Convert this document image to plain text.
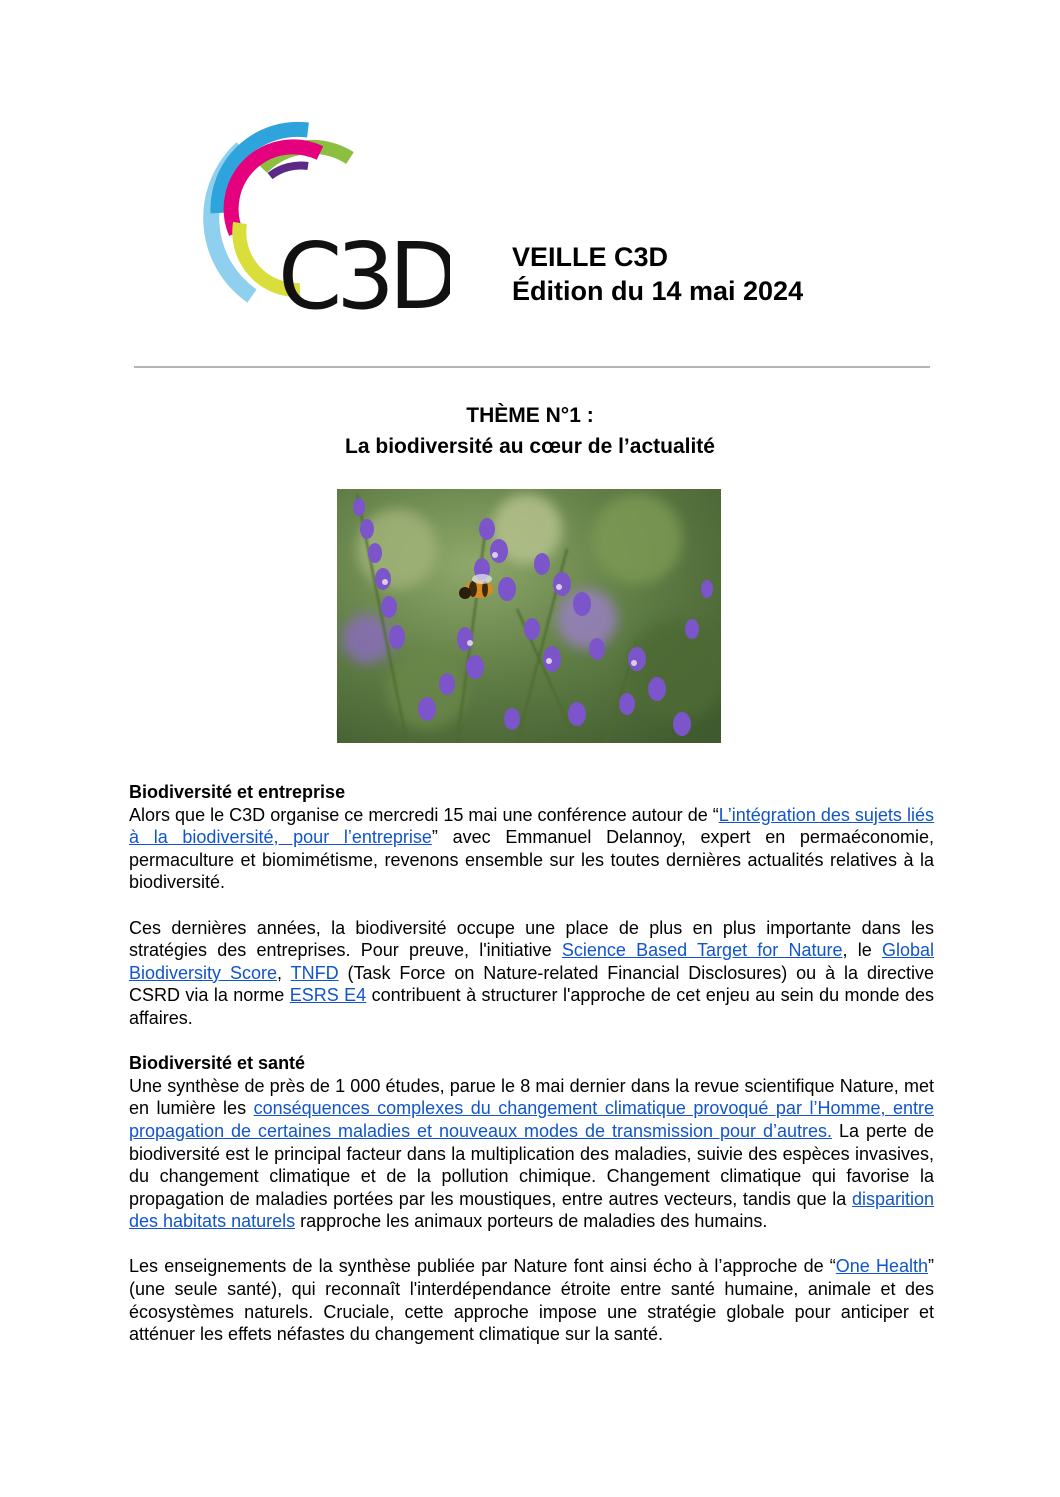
C3D VEILLE C3D
Édition du 14 mai 2024
THÈME N°1 :
La biodiversité au cœur de l’actualité
Biodiversité et entreprise

Alors que le C3D organise ce mercredi 15 mai une conférence autour de “L’intégration des sujets liés à la biodiversité, pour l’entreprise” avec Emmanuel Delannoy, expert en permaéconomie, permaculture et biomimétisme, revenons ensemble sur les toutes dernières actualités relatives à la biodiversité.

Ces dernières années, la biodiversité occupe une place de plus en plus importante dans les stratégies des entreprises. Pour preuve, l'initiative Science Based Target for Nature, le Global Biodiversity Score, TNFD (Task Force on Nature-related Financial Disclosures) ou à la directive CSRD via la norme ESRS E4 contribuent à structurer l'approche de cet enjeu au sein du monde des affaires.

Biodiversité et santé

Une synthèse de près de 1 000 études, parue le 8 mai dernier dans la revue scientifique Nature, met en lumière les conséquences complexes du changement climatique provoqué par l’Homme, entre propagation de certaines maladies et nouveaux modes de transmission pour d’autres. La perte de biodiversité est le principal facteur dans la multiplication des maladies, suivie des espèces invasives, du changement climatique et de la pollution chimique. Changement climatique qui favorise la propagation de maladies portées par les moustiques, entre autres vecteurs, tandis que la disparition des habitats naturels rapproche les animaux porteurs de maladies des humains.

Les enseignements de la synthèse publiée par Nature font ainsi écho à l’approche de “One Health” (une seule santé), qui reconnaît l'interdépendance étroite entre santé humaine, animale et des écosystèmes naturels. Cruciale, cette approche impose une stratégie globale pour anticiper et atténuer les effets néfastes du changement climatique sur la santé.
